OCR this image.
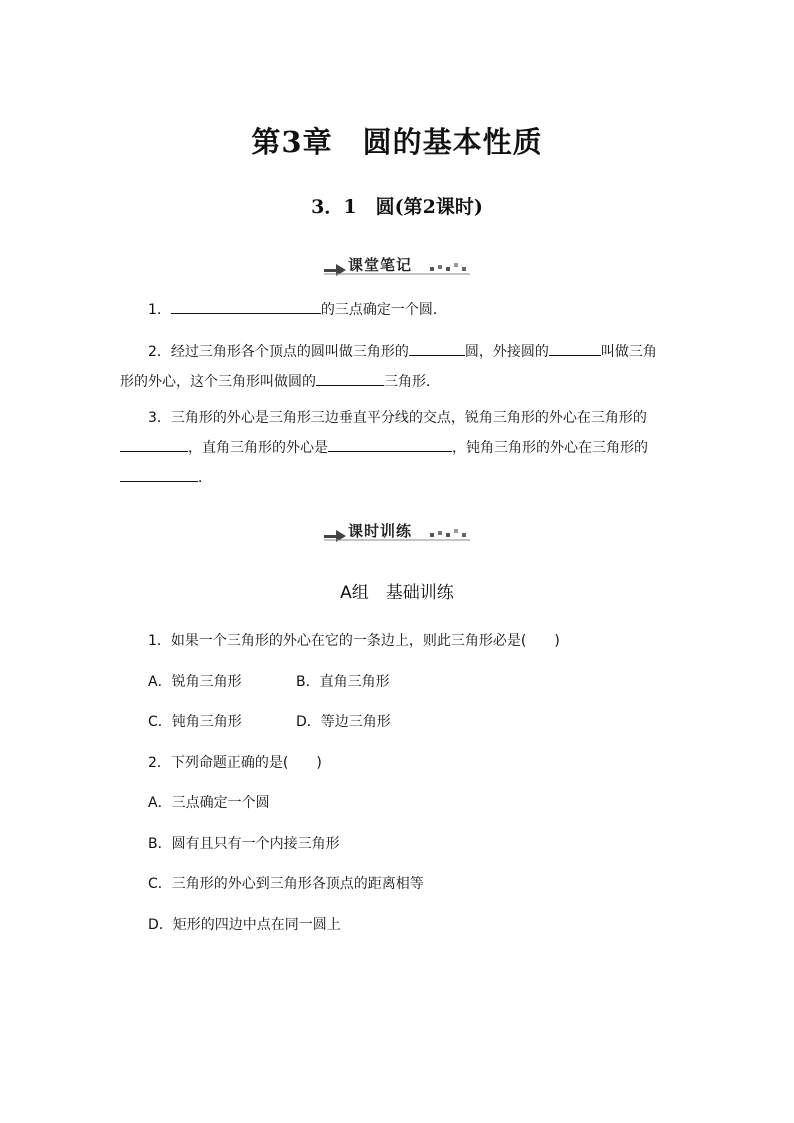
第3章　圆的基本性质
3．1　圆(第2课时)
课堂笔记
1．	的三点确定一个圆．
2．经过三角形各个顶点的圆叫做三角形的	圆，外接圆的	叫做三角
形的外心，这个三角形叫做圆的	三角形．
3．三角形的外心是三角形三边垂直平分线的交点，锐角三角形的外心在三角形的
，直角三角形的外心是	，钝角三角形的外心在三角形的
．
课时训练
A组　基础训练
1．如果一个三角形的外心在它的一条边上，则此三角形必是(　　)
A．锐角三角形	B．直角三角形
C．钝角三角形	D．等边三角形
2．下列命题正确的是(　　)
A．三点确定一个圆
B．圆有且只有一个内接三角形
C．三角形的外心到三角形各顶点的距离相等
D．矩形的四边中点在同一圆上
